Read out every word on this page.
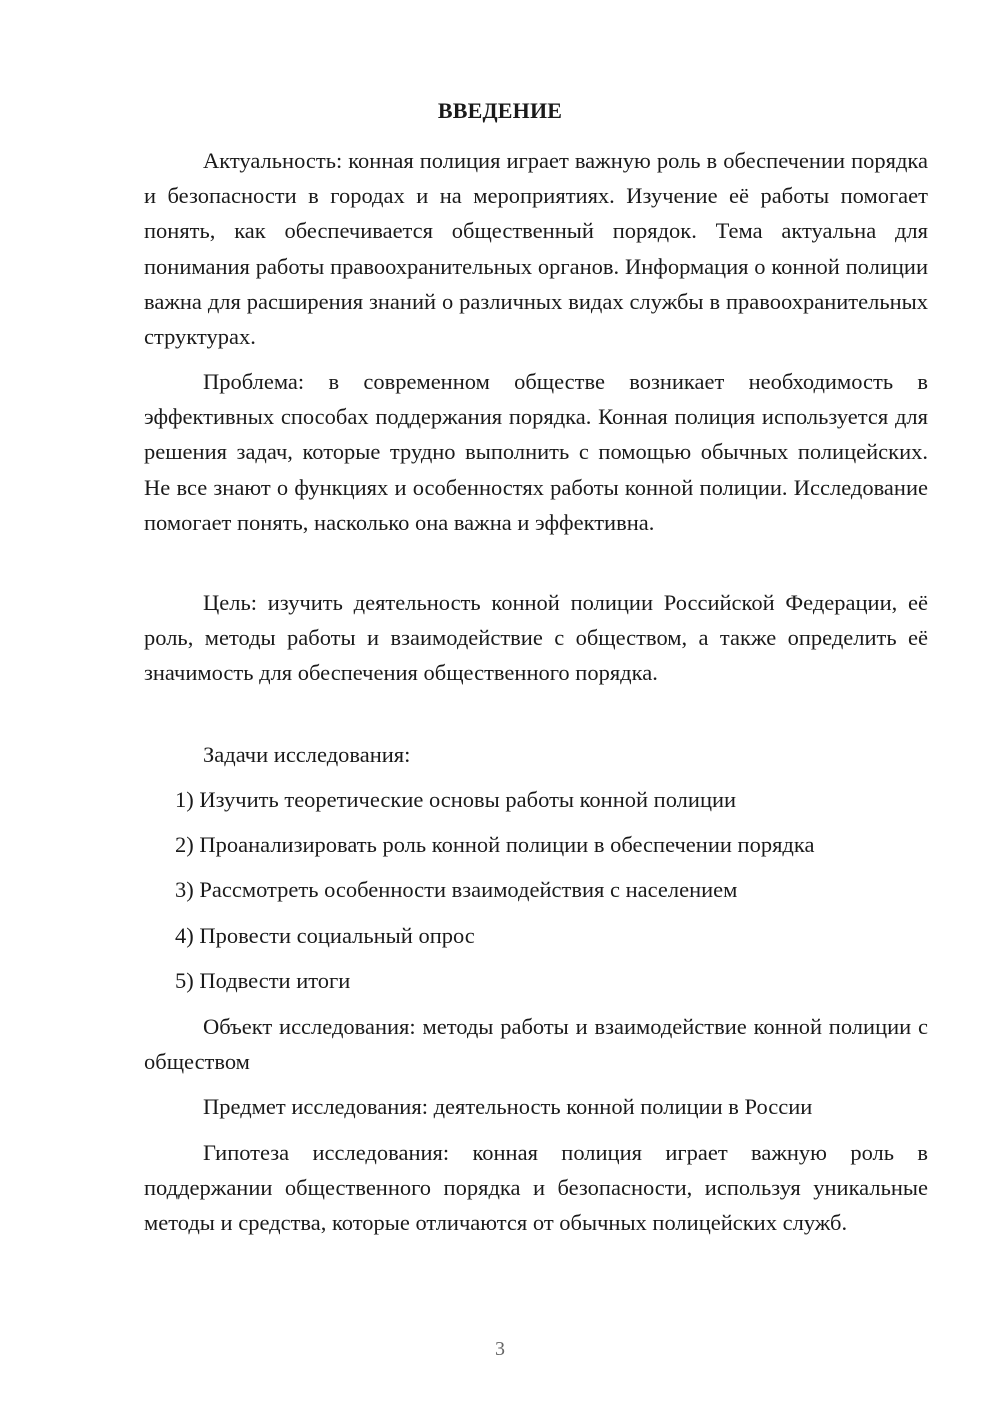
ВВЕДЕНИЕ

Актуальность: конная полиция играет важную роль в обеспечении порядка и безопасности в городах и на мероприятиях. Изучение её работы помогает понять, как обеспечивается общественный порядок. Тема актуальна для понимания работы правоохранительных органов. Информация о конной полиции важна для расширения знаний о различных видах службы в правоохранительных структурах.

Проблема: в современном обществе возникает необходимость в эффективных способах поддержания порядка. Конная полиция используется для решения задач, которые трудно выполнить с помощью обычных полицейских. Не все знают о функциях и особенностях работы конной полиции. Исследование помогает понять, насколько она важна и эффективна.

Цель: изучить деятельность конной полиции Российской Федерации, её роль, методы работы и взаимодействие с обществом, а также определить её значимость для обеспечения общественного порядка.

Задачи исследования:
1) Изучить теоретические основы работы конной полиции
2) Проанализировать роль конной полиции в обеспечении порядка
3) Рассмотреть особенности взаимодействия с населением
4) Провести социальный опрос
5) Подвести итоги

Объект исследования: методы работы и взаимодействие конной полиции с обществом

Предмет исследования: деятельность конной полиции в России

Гипотеза исследования: конная полиция играет важную роль в поддержании общественного порядка и безопасности, используя уникальные методы и средства, которые отличаются от обычных полицейских служб.

3
